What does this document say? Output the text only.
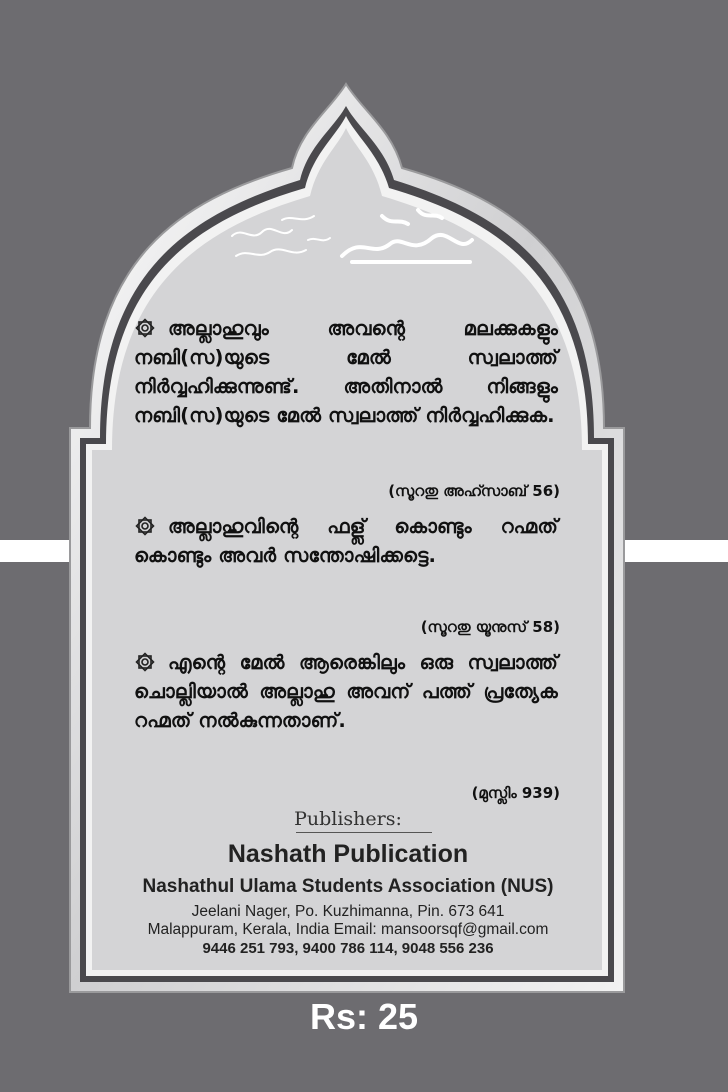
അല്ലാഹുവും അവന്റെ മലക്കുകളും നബി(സ)യുടെ മേൽ സ്വലാത്ത് നിർവ്വഹിക്കുന്നുണ്ട്. അതിനാൽ നിങ്ങളും നബി(സ)യുടെ മേൽ സ്വലാത്ത് നിർവ്വഹിക്കുക.
(സൂറതു അഹ്സാബ് 56)
അല്ലാഹുവിന്റെ ഫള്ല് കൊണ്ടും റഹ്മത് കൊണ്ടും അവർ സന്തോഷിക്കട്ടെ.
(സൂറതു യൂനുസ് 58)
എന്റെ മേൽ ആരെങ്കിലും ഒരു സ്വലാത്ത് ചൊല്ലിയാൽ അല്ലാഹു അവന് പത്ത് പ്രത്യേക റഹ്മത് നൽകുന്നതാണ്.
(മുസ്ലിം 939)
Publishers:
Nashath Publication
Nashathul Ulama Students Association (NUS)
Jeelani Nager, Po. Kuzhimanna, Pin. 673 641
Malappuram, Kerala, India Email: mansoorsqf@gmail.com
9446 251 793, 9400 786 114, 9048 556 236
Rs: 25
